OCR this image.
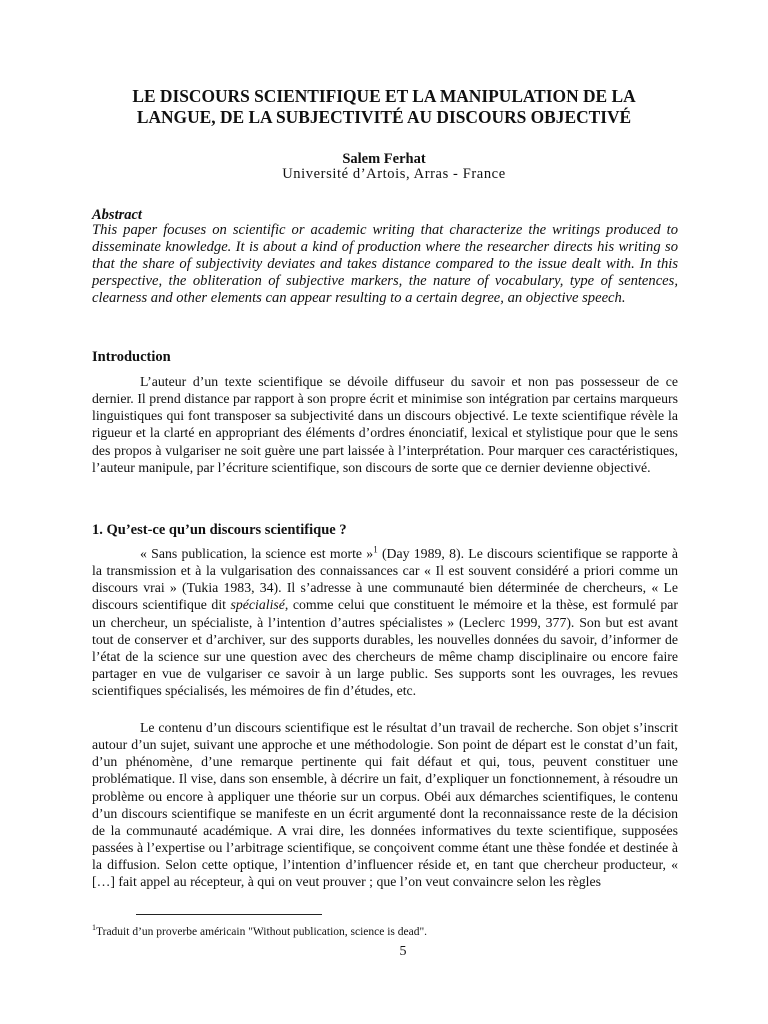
LE DISCOURS SCIENTIFIQUE ET LA MANIPULATION DE LA
LANGUE, DE LA SUBJECTIVITÉ AU DISCOURS OBJECTIVÉ
Salem Ferhat
Université d’Artois, Arras - France
Abstract
This paper focuses on scientific or academic writing that characterize the writings produced to disseminate knowledge. It is about a kind of production where the researcher directs his writing so that the share of subjectivity deviates and takes distance compared to the issue dealt with. In this perspective, the obliteration of subjective markers, the nature of vocabulary, type of sentences, clearness and other elements can appear resulting to a certain degree, an objective speech.
Introduction
L’auteur d’un texte scientifique se dévoile diffuseur du savoir et non pas possesseur de ce dernier. Il prend distance par rapport à son propre écrit et minimise son intégration par certains marqueurs linguistiques qui font transposer sa subjectivité dans un discours objectivé. Le texte scientifique révèle la rigueur et la clarté en appropriant des éléments d’ordres énonciatif, lexical et stylistique pour que le sens des propos à vulgariser ne soit guère une part laissée à l’interprétation. Pour marquer ces caractéristiques, l’auteur manipule, par l’écriture scientifique, son discours de sorte que ce dernier devienne objectivé.
1. Qu’est-ce qu’un discours scientifique ?
« Sans publication, la science est morte »$^1$ (Day 1989, 8). Le discours scientifique se rapporte à la transmission et à la vulgarisation des connaissances car « Il est souvent considéré a priori comme un discours vrai » (Tukia 1983, 34). Il s’adresse à une communauté bien déterminée de chercheurs, « Le discours scientifique dit spécialisé, comme celui que constituent le mémoire et la thèse, est formulé par un chercheur, un spécialiste, à l’intention d’autres spécialistes » (Leclerc 1999, 377). Son but est avant tout de conserver et d’archiver, sur des supports durables, les nouvelles données du savoir, d’informer de l’état de la science sur une question avec des chercheurs de même champ disciplinaire ou encore faire partager en vue de vulgariser ce savoir à un large public. Ses supports sont les ouvrages, les revues scientifiques spécialisés, les mémoires de fin d’études, etc.
Le contenu d’un discours scientifique est le résultat d’un travail de recherche. Son objet s’inscrit autour d’un sujet, suivant une approche et une méthodologie. Son point de départ est le constat d’un fait, d’un phénomène, d’une remarque pertinente qui fait défaut et qui, tous, peuvent constituer une problématique. Il vise, dans son ensemble, à décrire un fait, d’expliquer un fonctionnement, à résoudre un problème ou encore à appliquer une théorie sur un corpus. Obéi aux démarches scientifiques, le contenu d’un discours scientifique se manifeste en un écrit argumenté dont la reconnaissance reste de la décision de la communauté académique. A vrai dire, les données informatives du texte scientifique, supposées passées à l’expertise ou l’arbitrage scientifique, se conçoivent comme étant une thèse fondée et destinée à la diffusion. Selon cette optique, l’intention d’influencer réside et, en tant que chercheur producteur, « […] fait appel au récepteur, à qui on veut prouver ; que l’on veut convaincre selon les règles
$^1$Traduit d’un proverbe américain "Without publication, science is dead".
5
